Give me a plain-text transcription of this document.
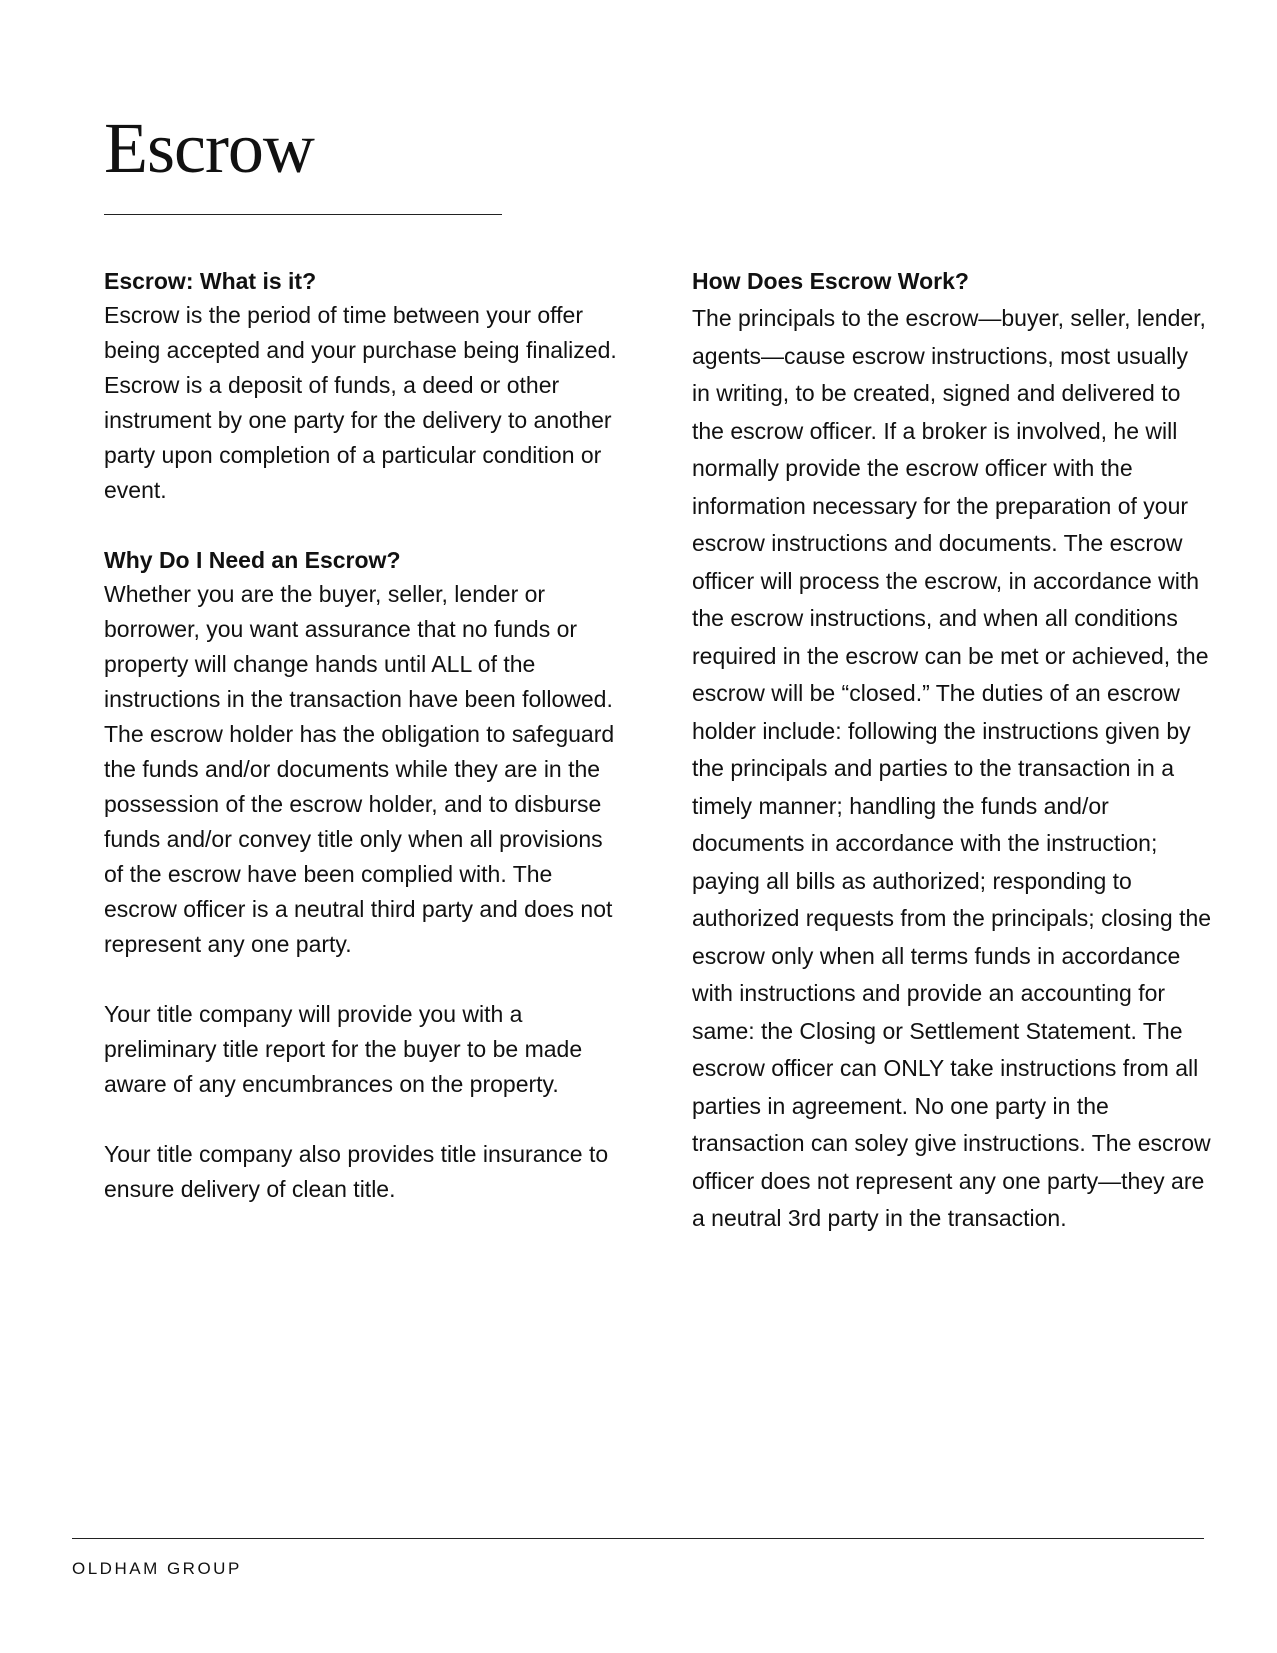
Escrow
Escrow: What is it?

Escrow is the period of time between your offer being accepted and your purchase being finalized. Escrow is a deposit of funds, a deed or other instrument by one party for the delivery to another party upon completion of a particular condition or event.

Why Do I Need an Escrow?

Whether you are the buyer, seller, lender or borrower, you want assurance that no funds or property will change hands until ALL of the instructions in the transaction have been followed. The escrow holder has the obligation to safeguard the funds and/or documents while they are in the possession of the escrow holder, and to disburse funds and/or convey title only when all provisions of the escrow have been complied with. The escrow officer is a neutral third party and does not represent any one party.

Your title company will provide you with a preliminary title report for the buyer to be made aware of any encumbrances on the property.

Your title company also provides title insurance to ensure delivery of clean title.

How Does Escrow Work?

The principals to the escrow—buyer, seller, lender, agents—cause escrow instructions, most usually in writing, to be created, signed and delivered to the escrow officer. If a broker is involved, he will normally provide the escrow officer with the information necessary for the preparation of your escrow instructions and documents. The escrow officer will process the escrow, in accordance with the escrow instructions, and when all conditions required in the escrow can be met or achieved, the escrow will be “closed.” The duties of an escrow holder include: following the instructions given by the principals and parties to the transaction in a timely manner; handling the funds and/or documents in accordance with the instruction; paying all bills as authorized; responding to authorized requests from the principals; closing the escrow only when all terms funds in accordance with instructions and provide an accounting for same: the Closing or Settlement Statement. The escrow officer can ONLY take instructions from all parties in agreement. No one party in the transaction can soley give instructions. The escrow officer does not represent any one party—they are a neutral 3rd party in the transaction.

OLDHAM GROUP
